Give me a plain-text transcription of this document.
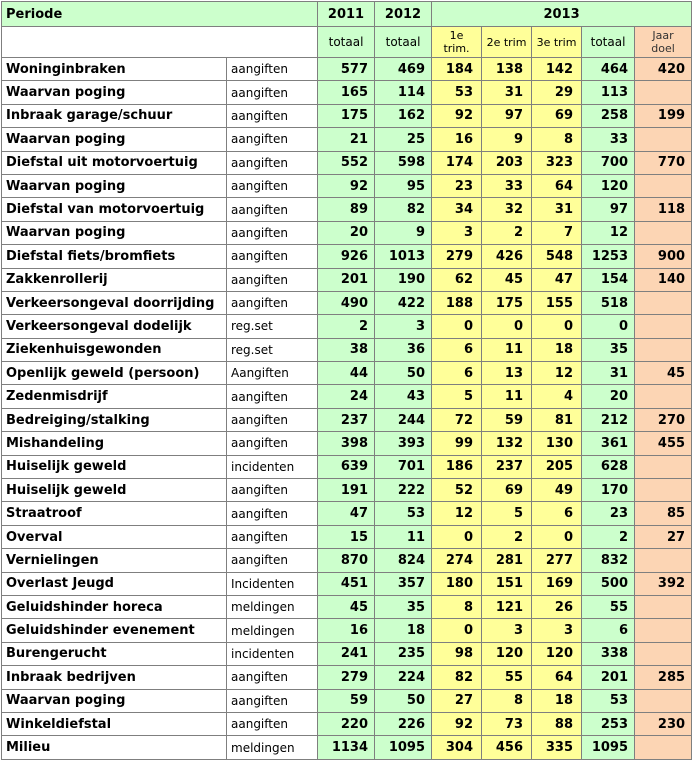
Periode		2011	2012	2013				
		totaal	totaal	1e trim.	2e trim	3e trim	totaal	Jaar doel

Woninginbraken	aangiften	577	469	184	138	142	464	420
Waarvan poging	aangiften	165	114	53	31	29	113	
Inbraak garage/schuur	aangiften	175	162	92	97	69	258	199
Waarvan poging	aangiften	21	25	16	9	8	33	
Diefstal uit motorvoertuig	aangiften	552	598	174	203	323	700	770
Waarvan poging	aangiften	92	95	23	33	64	120	
Diefstal van motorvoertuig	aangiften	89	82	34	32	31	97	118
Waarvan poging	aangiften	20	9	3	2	7	12	
Diefstal fiets/bromfiets	aangiften	926	1013	279	426	548	1253	900
Zakkenrollerij	aangiften	201	190	62	45	47	154	140
Verkeersongeval doorrijding	aangiften	490	422	188	175	155	518	
Verkeersongeval dodelijk	reg.set	2	3	0	0	0	0	
Ziekenhuisgewonden	reg.set	38	36	6	11	18	35	
Openlijk geweld (persoon)	Aangiften	44	50	6	13	12	31	45
Zedenmisdrijf	aangiften	24	43	5	11	4	20	
Bedreiging/stalking	aangiften	237	244	72	59	81	212	270
Mishandeling	aangiften	398	393	99	132	130	361	455
Huiselijk geweld	incidenten	639	701	186	237	205	628	
Huiselijk geweld	aangiften	191	222	52	69	49	170	
Straatroof	aangiften	47	53	12	5	6	23	85
Overval	aangiften	15	11	0	2	0	2	27
Vernielingen	aangiften	870	824	274	281	277	832	
Overlast Jeugd	Incidenten	451	357	180	151	169	500	392
Geluidshinder horeca	meldingen	45	35	8	121	26	55	
Geluidshinder evenement	meldingen	16	18	0	3	3	6	
Burengerucht	incidenten	241	235	98	120	120	338	
Inbraak bedrijven	aangiften	279	224	82	55	64	201	285
Waarvan poging	aangiften	59	50	27	8	18	53	
Winkeldiefstal	aangiften	220	226	92	73	88	253	230
Milieu	meldingen	1134	1095	304	456	335	1095	
